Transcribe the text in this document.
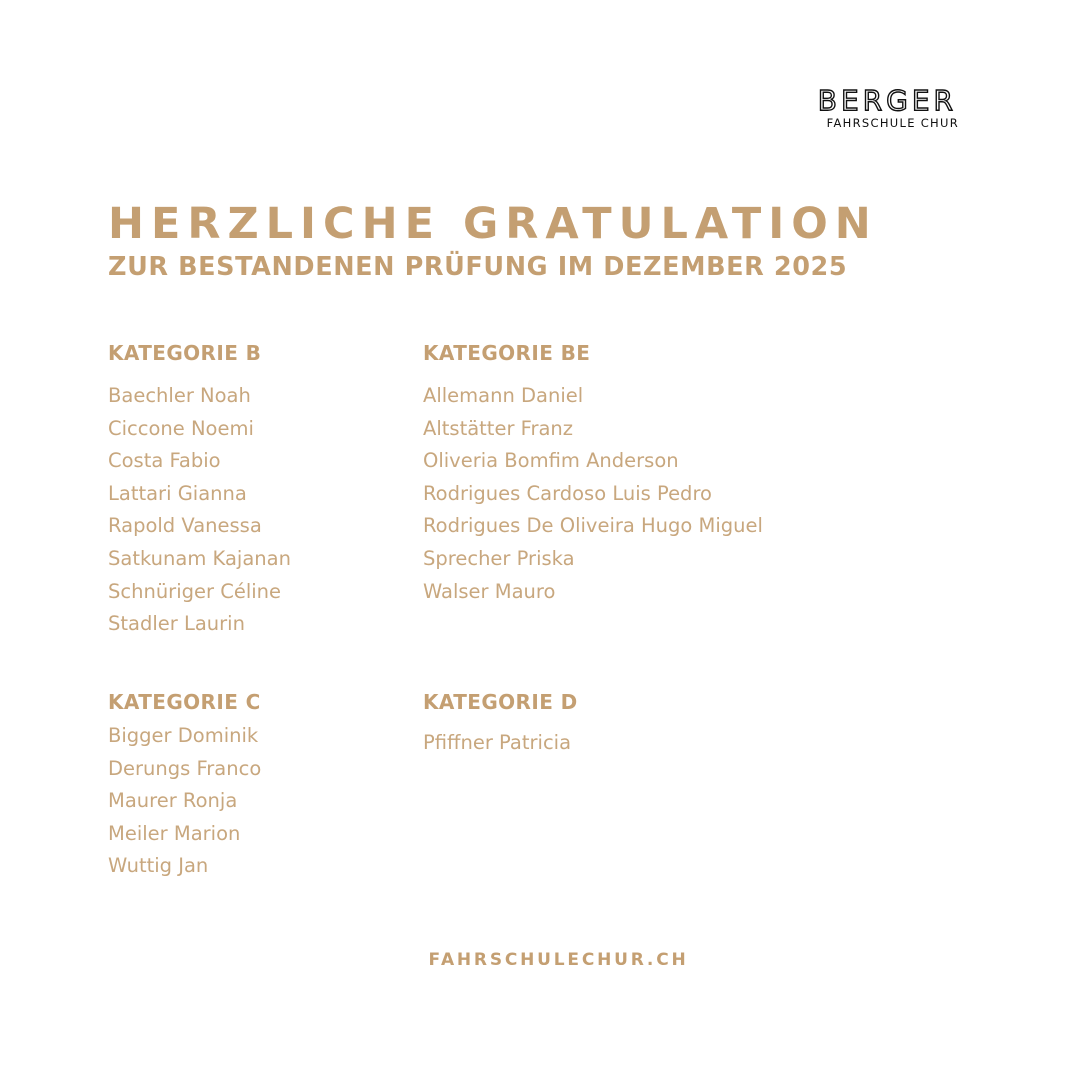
BERGER
FAHRSCHULE CHUR
HERZLICHE GRATULATION
ZUR BESTANDENEN PRÜFUNG IM DEZEMBER 2025
KATEGORIE B
Baechler Noah
Ciccone Noemi
Costa Fabio
Lattari Gianna
Rapold Vanessa
Satkunam Kajanan
Schnüriger Céline
Stadler Laurin
KATEGORIE BE
Allemann Daniel
Altstätter Franz
Oliveria Bomfim Anderson
Rodrigues Cardoso Luis Pedro
Rodrigues De Oliveira Hugo Miguel
Sprecher Priska
Walser Mauro
KATEGORIE C
Bigger Dominik
Derungs Franco
Maurer Ronja
Meiler Marion
Wuttig Jan
KATEGORIE D
Pfiffner Patricia
FAHRSCHULECHUR.CH
